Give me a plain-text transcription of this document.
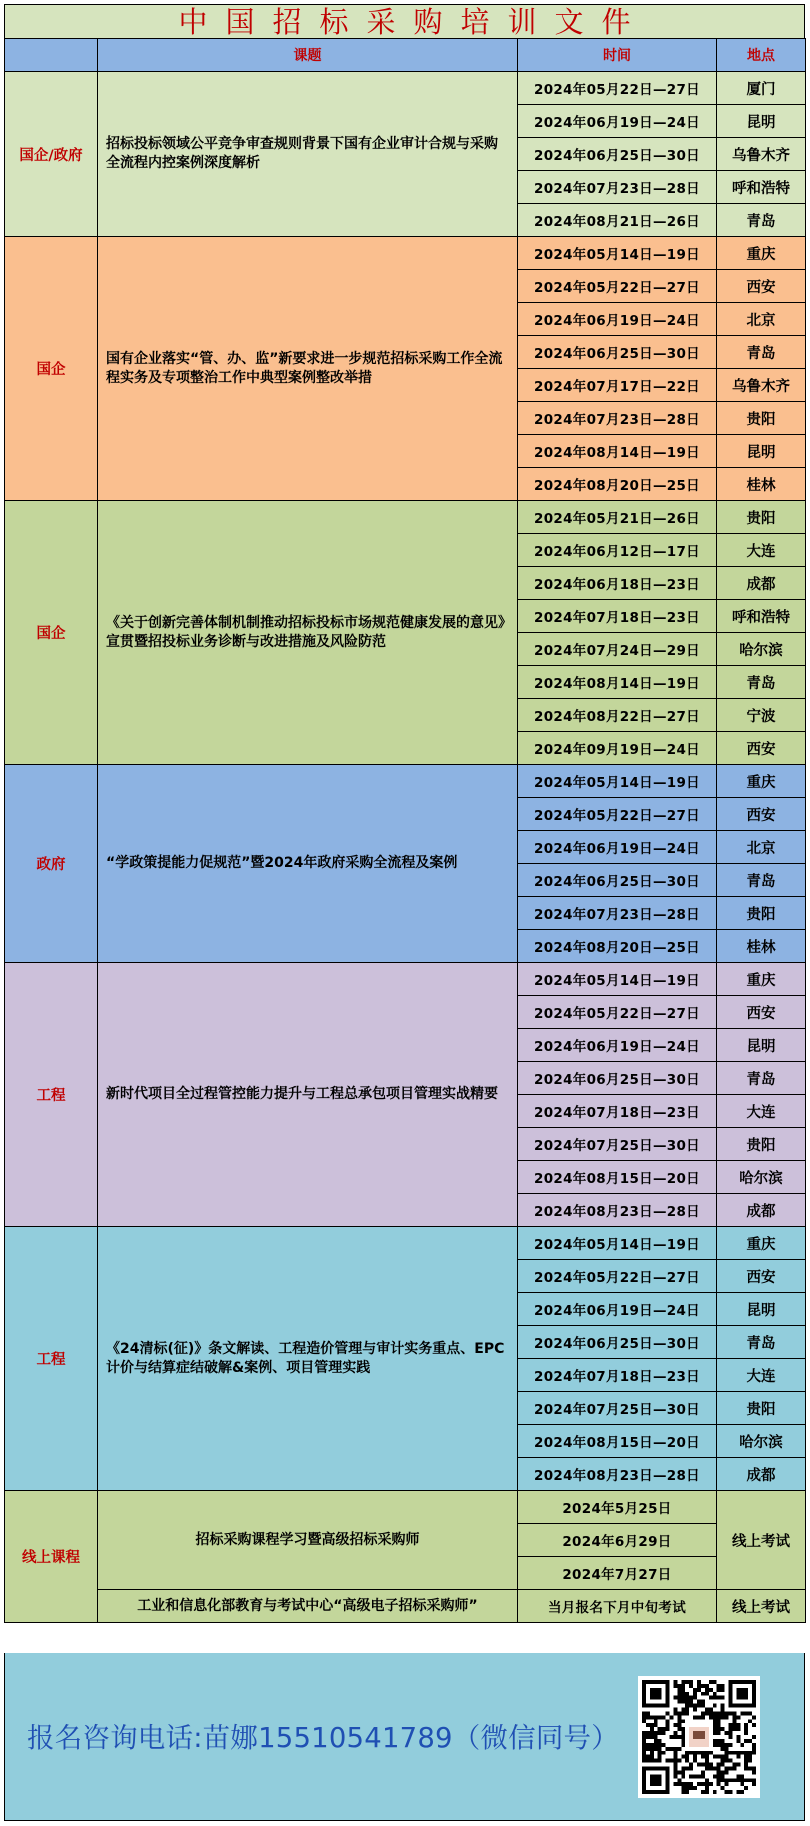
中国招标采购培训文件
	课题	时间	地点
国企/政府	招标投标领域公平竞争审查规则背景下国有企业审计合规与采购全流程内控案例深度解析	2024年05月22日—27日	厦门
		2024年06月19日—24日	昆明
		2024年06月25日—30日	乌鲁木齐
		2024年07月23日—28日	呼和浩特
		2024年08月21日—26日	青岛
国企	国有企业落实“管、办、监”新要求进一步规范招标采购工作全流程实务及专项整治工作中典型案例整改举措	2024年05月14日—19日	重庆
		2024年05月22日—27日	西安
		2024年06月19日—24日	北京
		2024年06月25日—30日	青岛
		2024年07月17日—22日	乌鲁木齐
		2024年07月23日—28日	贵阳
		2024年08月14日—19日	昆明
		2024年08月20日—25日	桂林
国企	《关于创新完善体制机制推动招标投标市场规范健康发展的意见》宣贯暨招投标业务诊断与改进措施及风险防范	2024年05月21日—26日	贵阳
		2024年06月12日—17日	大连
		2024年06月18日—23日	成都
		2024年07月18日—23日	呼和浩特
		2024年07月24日—29日	哈尔滨
		2024年08月14日—19日	青岛
		2024年08月22日—27日	宁波
		2024年09月19日—24日	西安
政府	“学政策提能力促规范”暨2024年政府采购全流程及案例	2024年05月14日—19日	重庆
		2024年05月22日—27日	西安
		2024年06月19日—24日	北京
		2024年06月25日—30日	青岛
		2024年07月23日—28日	贵阳
		2024年08月20日—25日	桂林
工程	新时代项目全过程管控能力提升与工程总承包项目管理实战精要	2024年05月14日—19日	重庆
		2024年05月22日—27日	西安
		2024年06月19日—24日	昆明
		2024年06月25日—30日	青岛
		2024年07月18日—23日	大连
		2024年07月25日—30日	贵阳
		2024年08月15日—20日	哈尔滨
		2024年08月23日—28日	成都
工程	《24清标(征)》条文解读、工程造价管理与审计实务重点、EPC计价与结算症结破解&案例、项目管理实践	2024年05月14日—19日	重庆
		2024年05月22日—27日	西安
		2024年06月19日—24日	昆明
		2024年06月25日—30日	青岛
		2024年07月18日—23日	大连
		2024年07月25日—30日	贵阳
		2024年08月15日—20日	哈尔滨
		2024年08月23日—28日	成都
线上课程	招标采购课程学习暨高级招标采购师	2024年5月25日	线上考试
		2024年6月29日	
		2024年7月27日	
	工业和信息化部教育与考试中心“高级电子招标采购师”	当月报名下月中旬考试	线上考试

报名咨询电话:苗娜15510541789（微信同号）
